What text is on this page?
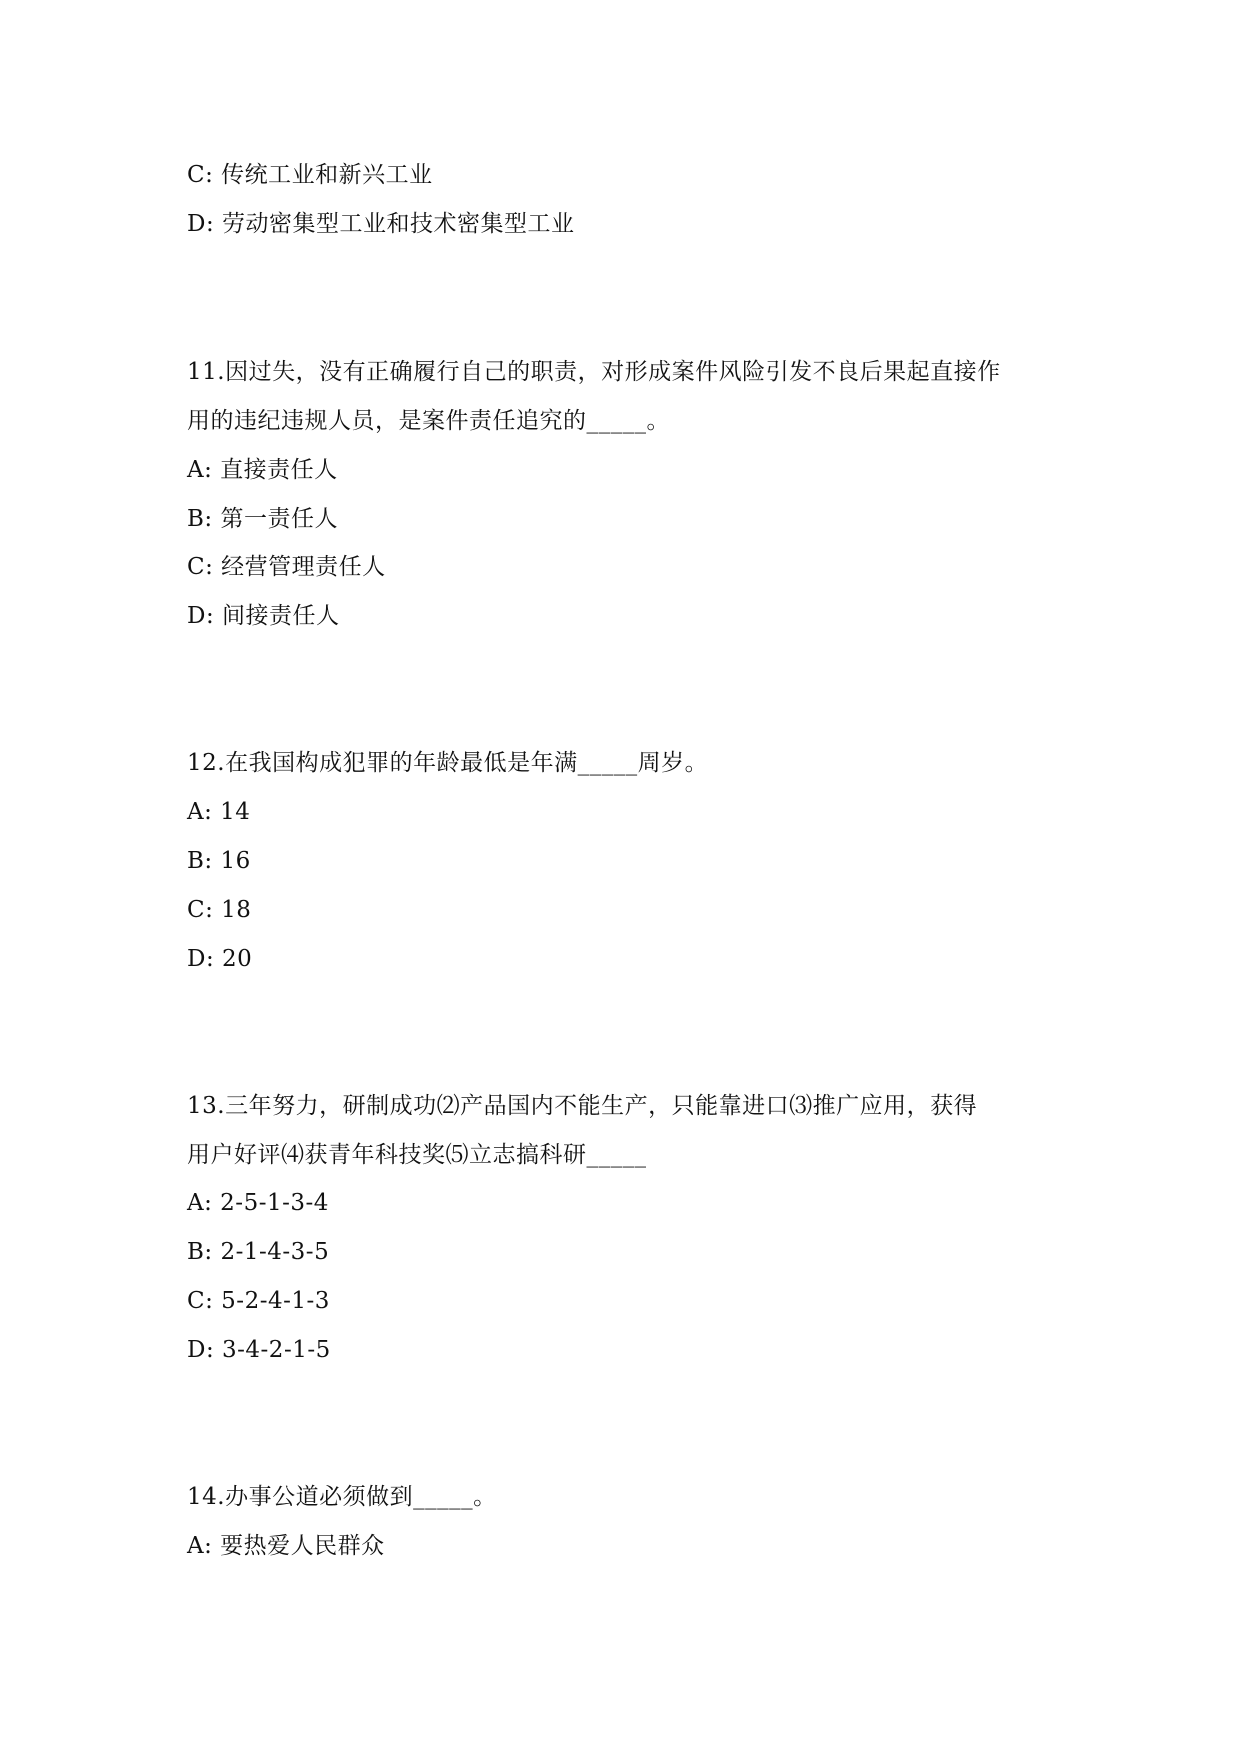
C: 传统工业和新兴工业
D: 劳动密集型工业和技术密集型工业
11.因过失，没有正确履行自己的职责，对形成案件风险引发不良后果起直接作
用的违纪违规人员，是案件责任追究的_____。
A: 直接责任人
B: 第一责任人
C: 经营管理责任人
D: 间接责任人
12.在我国构成犯罪的年龄最低是年满_____周岁。
A: 14
B: 16
C: 18
D: 20
13.三年努力，研制成功⑵产品国内不能生产，只能靠进口⑶推广应用，获得
用户好评⑷获青年科技奖⑸立志搞科研_____
A: 2-5-1-3-4
B: 2-1-4-3-5
C: 5-2-4-1-3
D: 3-4-2-1-5
14.办事公道必须做到_____。
A: 要热爱人民群众
